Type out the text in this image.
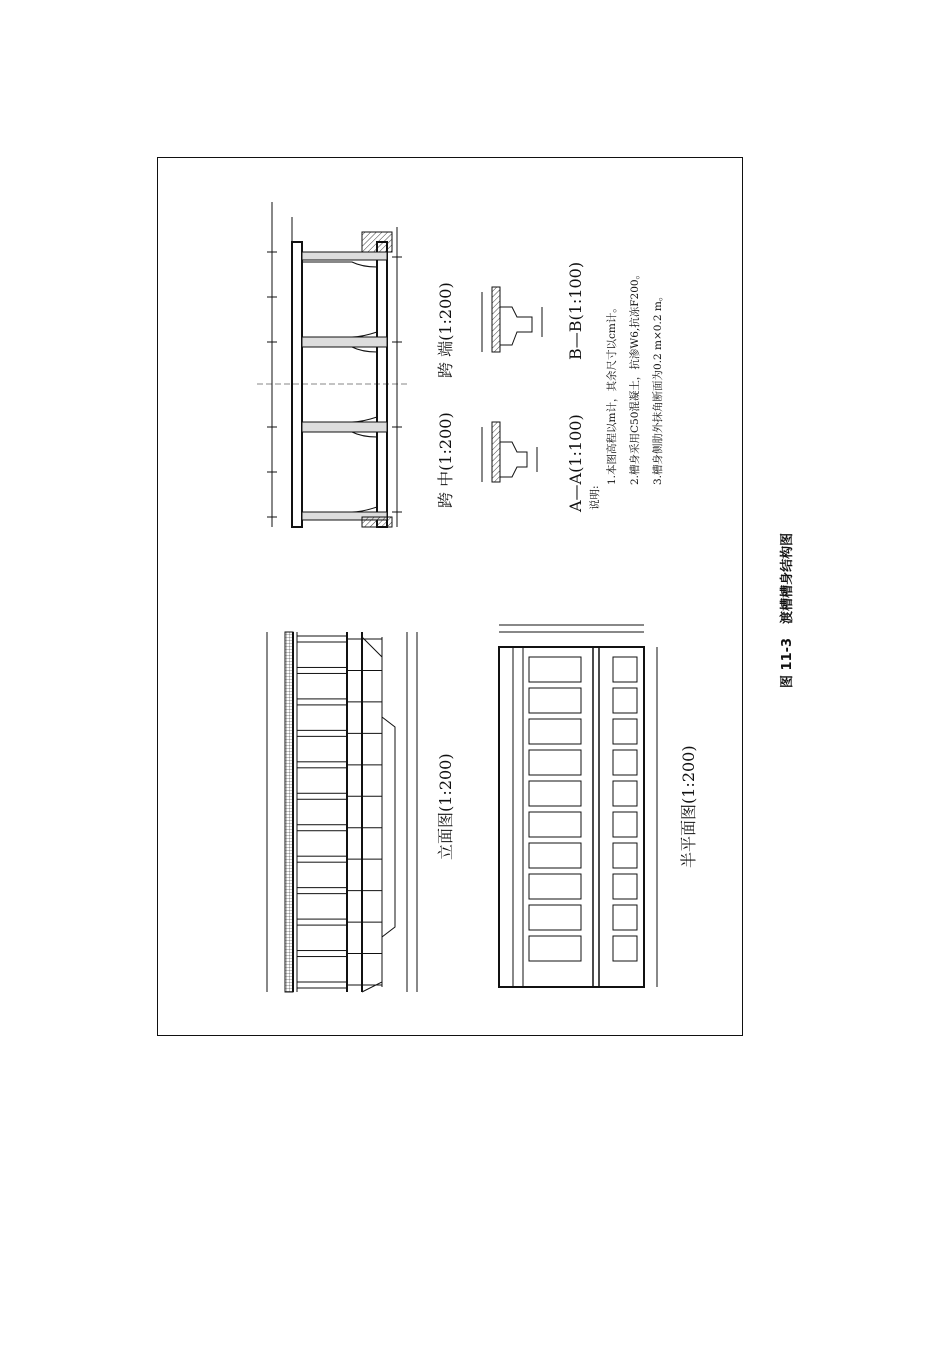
跨 中(1:200)
跨 端(1:200)
立面图(1:200)	半平面图(1:200)
A—A(1:100)
B—B(1:100)
说明:
1.本图高程以m计，其余尺寸以cm计。 2.槽身采用C50混凝土，抗渗W6,抗冻F200。 3.槽身侧肋外抹角断面为0.2 m×0.2 m。
图 11-3渡槽槽身结构图
